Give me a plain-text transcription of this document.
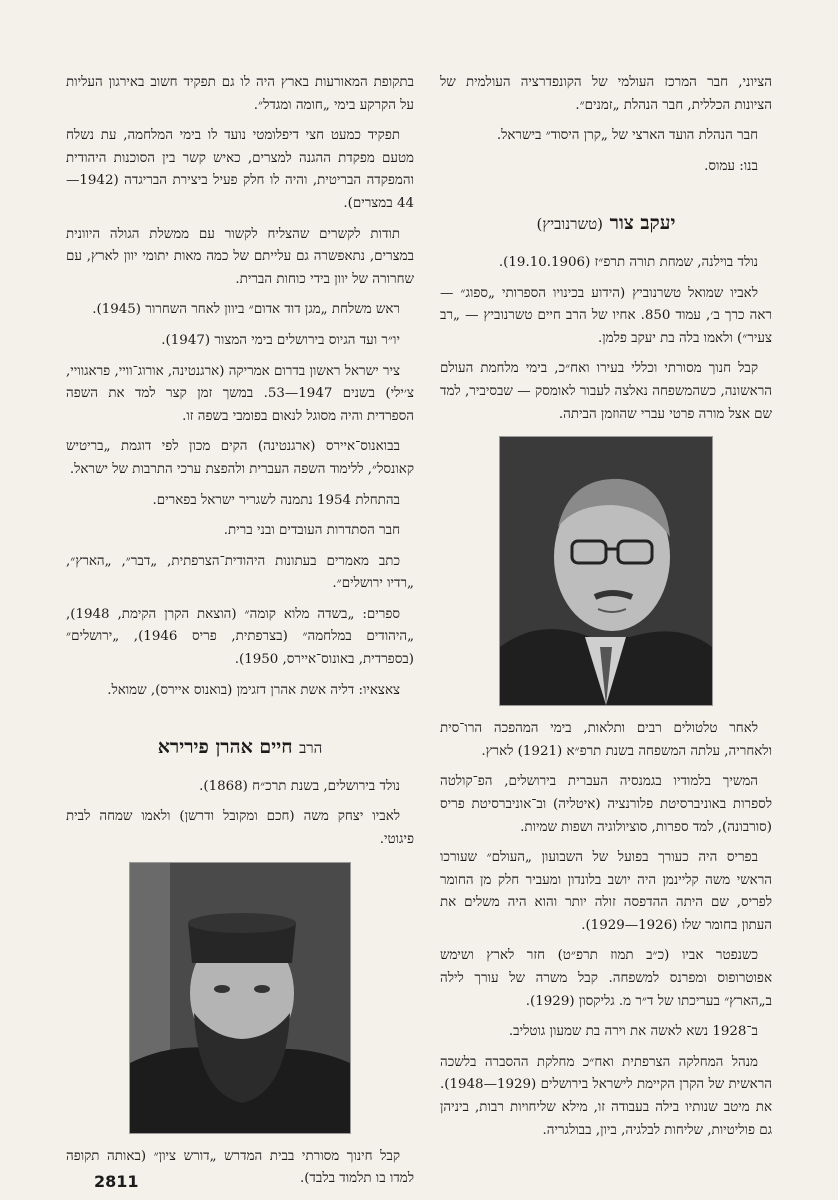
הציוני, חבר המרכז העולמי של הקונפדרציה העולמית של הציונות הכללית, חבר הנהלת „זמנים״.

חבר הנהלת הועד הארצי של „קרן היסוד״ בישראל.

בנו: עמוס.

יעקב צור (טשרנוביץ)

נולד בוילנה, שמחת תורה תרפ״ז (19.10.1906).

לאביו שמואל טשרנוביץ (הידוע בכינויו הספרותי „ספוג״ — ראה כרך ב׳, עמוד 850. אחיו של הרב חיים טשרנוביץ — „רב צעיר״) ולאמו בלה בת יעקב פלמן.

קבל חנוך מסורתי וכללי בעירו ואח״כ, בימי מלחמת העולם הראשונה, כשהמשפחה נאלצה לעבור לאומסק — שבסיביר, למד שם אצל מורה פרטי עברי שהוזמן הביתה.

לאחר טלטולים רבים ותלאות, בימי המהפכה הרו־סית ולאחריה, עלתה המשפחה בשנת תרפ״א (1921) לארץ.

המשיך בלמודיו בגמנסיה העברית בירושלים, הפ־קולטה לספרות באוניברסיטת פלורנציה (איטליה) וב־אוניברסיטת פריס (סורבונה), למד ספרות, סוציולוגיה ושפות שמיות.

בפריס היה כעורך בפועל של השבועון „העולם״ שעורכו הראשי משה קליינמן היה יושב בלונדון ומעביר חלק מן החומר לפריס, שם היתה ההדפסה זולה יותר והוא היה משלים את העתון בחומר שלו (1926—1929).

כשנפטר אביו (כ״ב תמוז תרפ״ט) חזר לארץ ושימש אפוטרופוס ומפרנס למשפחה. קבל משרה של עורך לילה ב„הארץ״ בעריכתו של ד״ר מ. גליקסון (1929).

ב־1928 נשא לאשה את וירה בת שמעון גוטליב.

מנהל המחלקה הצרפתית ואח״כ מחלקת ההסברה בלשכה הראשית של הקרן הקיימת לישראל בירושלים (1929—1948). את מיטב שנותיו בילה בעבודה זו, מילא שליחויות רבות, ביניהן גם פוליטיות, שליחות לבלגיה, ביון, בבולגריה.

בתקופת המאורעות בארץ היה לו גם תפקיד חשוב באירגון העליות על הקרקע בימי „חומה ומגדל״.

תפקיד כמעט חצי דיפלומטי נועד לו בימי המלחמה, עת נשלח מטעם מפקדת ההגנה למצרים, כאיש קשר בין הסוכנות היהודית והמפקדה הבריטית, והיה לו חלק פעיל ביצירת הבריגדה (1942—44 במצרים).

תודות לקשרים שהצליח לקשור עם ממשלת הגולה היוונית במצרים, נתאפשרה גם עלייתם של כמה מאות יתומי יוון לארץ, עם שחרורה של יוון בידי כוחות הברית.

ראש משלחת „מגן דוד אדום״ ביוון לאחר השחרור (1945).

יו״ר ועד הגיוס בירושלים בימי המצור (1947).

ציר ישראל ראשון בדרום אמריקה (ארגנטינה, אורוג־וויי, פראגוויי, צ׳ילי) בשנים 1947—53. במשך זמן קצר למד את השפה הספרדית והיה מסוגל לנאום בפומבי בשפה זו.

בבואנוס־איירס (ארגנטינה) הקים מכון לפי דוגמת „בריטיש קאונסל״, ללימוד השפה העברית ולהפצת ערכי התרבות של ישראל.

בהתחלת 1954 נתמנה לשגריר ישראל בפארים.

חבר הסתדרות העובדים ובני ברית.

כתב מאמרים בעתונות היהודית־הצרפתית, „דבר״, „הארץ״, „רדיו ירושלים״.

ספרים: „בשדה מלוא קומה״ (הוצאת הקרן הקימת, 1948), „היהודים במלחמה״ (בצרפתית, פריס 1946), „ירושלים״ (בספרדית, באונוס־איירס, 1950).

צאצאיו: דליה אשת אהרן דזגימן (בואנוס איירס), שמואל.

הרב חיים אהרן פירירא

נולד בירושלים, בשנת תרכ״ח (1868).

לאביו יצחק משה (חכם ומקובל ודרשן) ולאמו שמחה לבית פיגוטי.

קבל חינוך מסורתי בבית המדרש „דורש ציון״ (באותה תקופה למדו בו תלמוד בלבד).

2811
